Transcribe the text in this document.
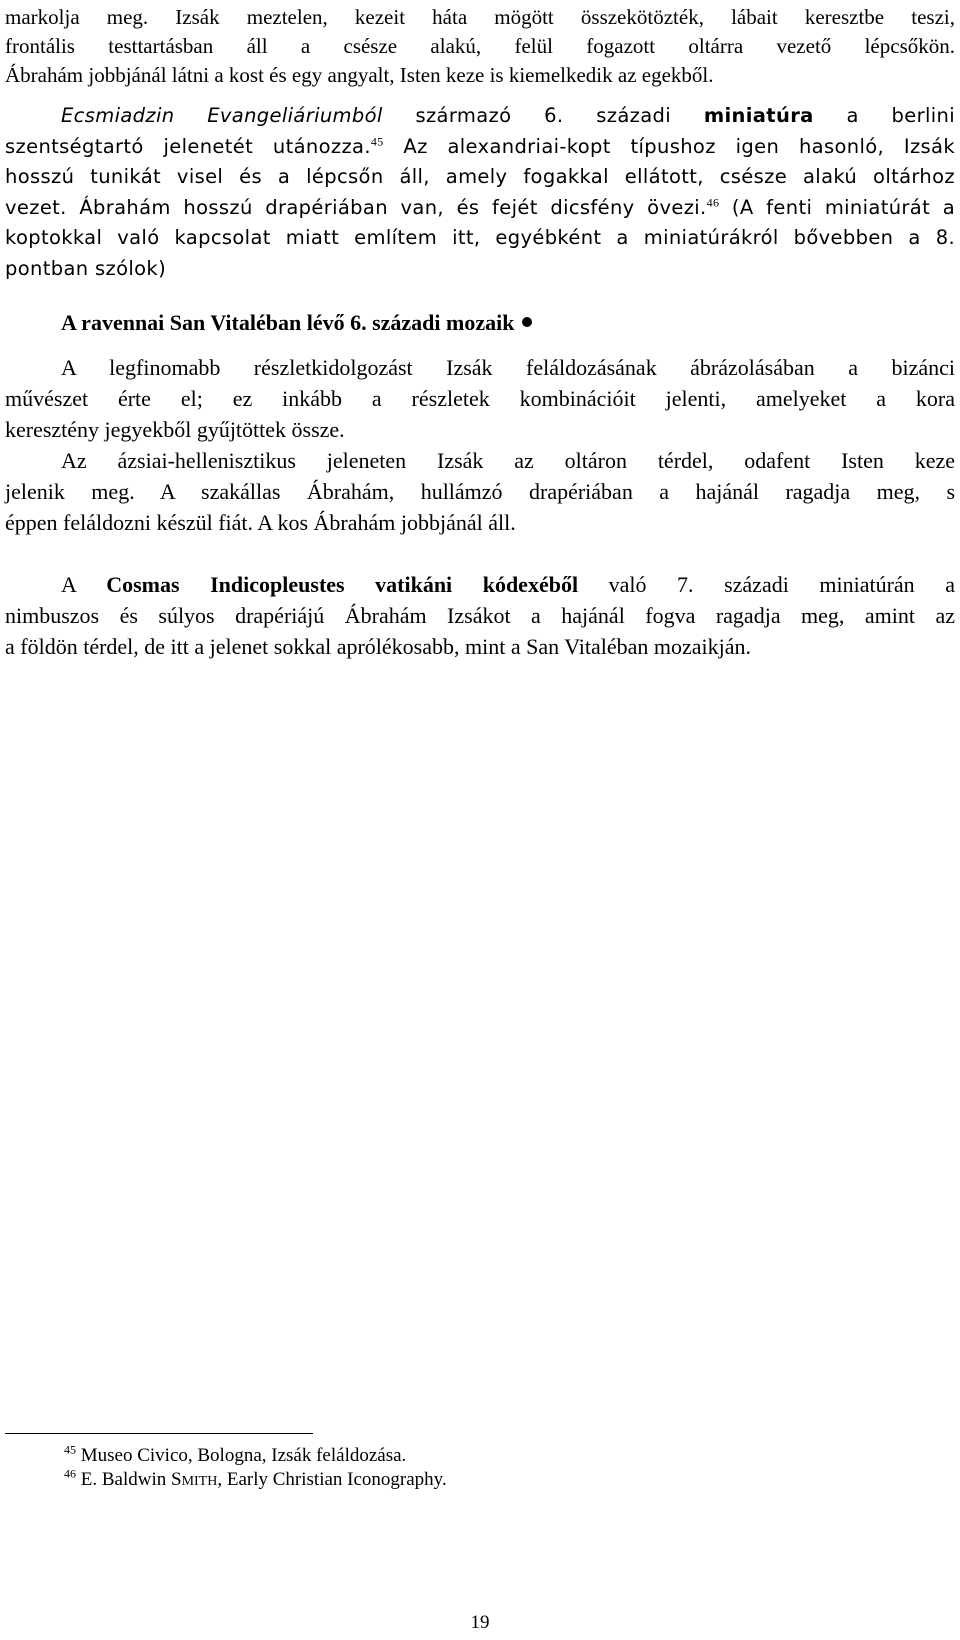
markolja meg. Izsák meztelen, kezeit háta mögött összekötözték, lábait keresztbe teszi,
frontális testtartásban áll a csésze alakú, felül fogazott oltárra vezető lépcsőkön.
Ábrahám jobbjánál látni a kost és egy angyalt, Isten keze is kiemelkedik az egekből.
Ecsmiadzin Evangeliáriumból származó 6. századi miniatúra a berlini
szentségtartó jelenetét utánozza.$^{45}$ Az alexandriai-kopt típushoz igen hasonló, Izsák
hosszú tunikát visel és a lépcsőn áll, amely fogakkal ellátott, csésze alakú oltárhoz
vezet. Ábrahám hosszú drapériában van, és fejét dicsfény övezi.$^{46}$ (A fenti miniatúrát a
koptokkal való kapcsolat miatt említem itt, egyébként a miniatúrákról bővebben a 8.
pontban szólok)
A ravennai San Vitaléban lévő 6. századi mozaik
A legfinomabb részletkidolgozást Izsák feláldozásának ábrázolásában a bizánci
művészet érte el; ez inkább a részletek kombinációit jelenti, amelyeket a kora
keresztény jegyekből gyűjtöttek össze.
Az ázsiai-hellenisztikus jeleneten Izsák az oltáron térdel, odafent Isten keze
jelenik meg. A szakállas Ábrahám, hullámzó drapériában a hajánál ragadja meg, s
éppen feláldozni készül fiát. A kos Ábrahám jobbjánál áll.
A Cosmas Indicopleustes vatikáni kódexéből való 7. századi miniatúrán a
nimbuszos és súlyos drapériájú Ábrahám Izsákot a hajánál fogva ragadja meg, amint az
a földön térdel, de itt a jelenet sokkal aprólékosabb, mint a San Vitaléban mozaikján.
$^{45}$ Museo Civico, Bologna, Izsák feláldozása.
$^{46}$ E. Baldwin SMITH, Early Christian Iconography.
19
